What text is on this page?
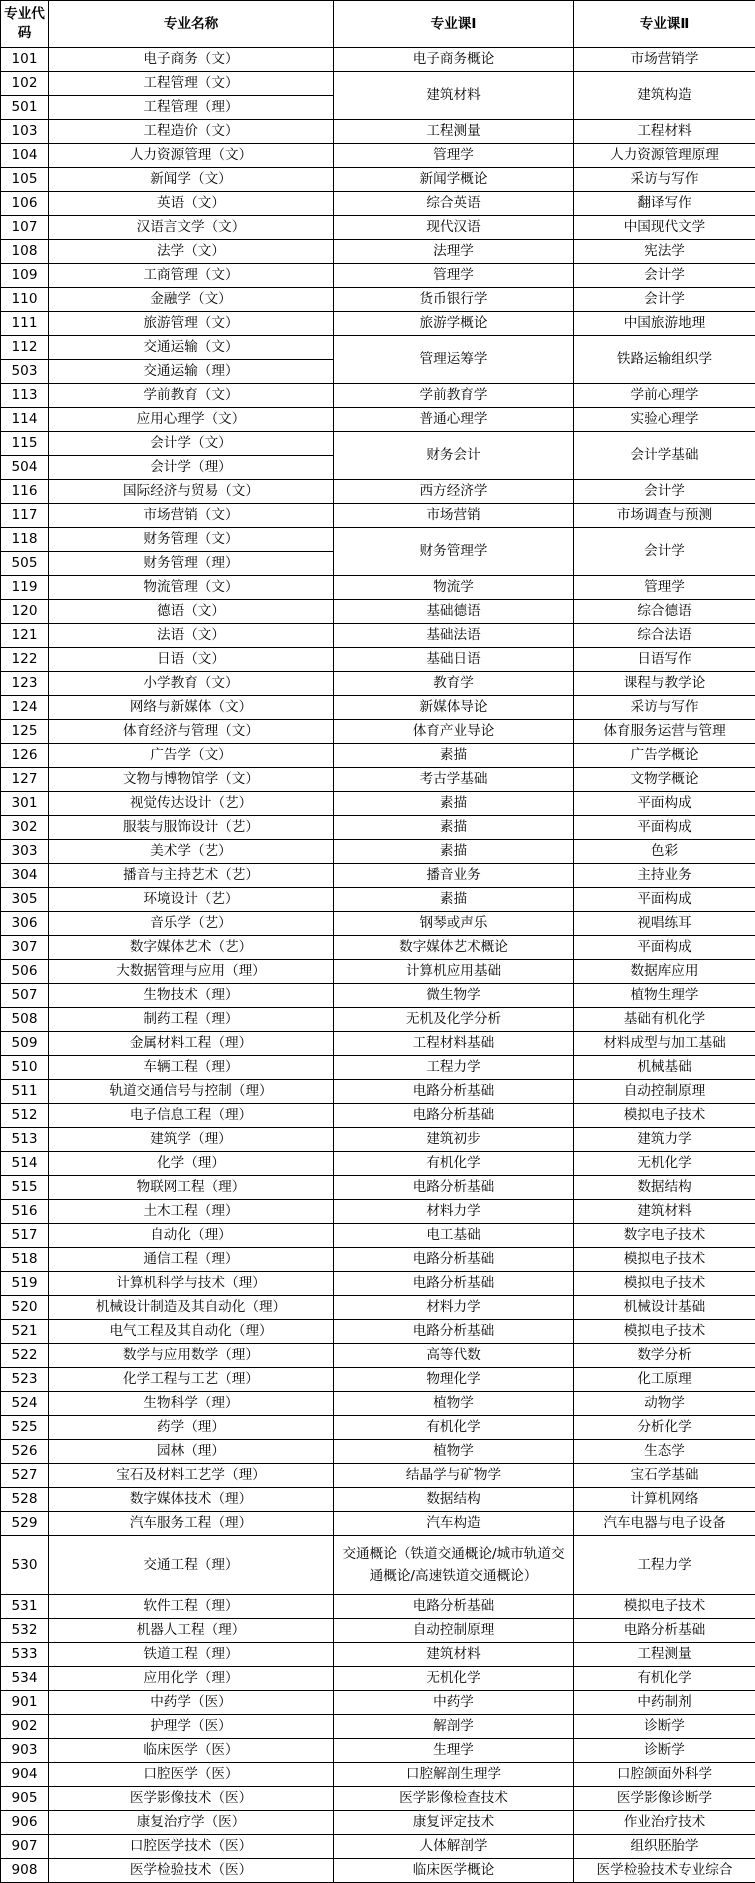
专业代码	专业名称	专业课Ⅰ	专业课Ⅱ
101	电子商务（文）	电子商务概论	市场营销学
102	工程管理（文）	建筑材料	建筑构造
501	工程管理（理）		
103	工程造价（文）	工程测量	工程材料
104	人力资源管理（文）	管理学	人力资源管理原理
105	新闻学（文）	新闻学概论	采访与写作
106	英语（文）	综合英语	翻译写作
107	汉语言文学（文）	现代汉语	中国现代文学
108	法学（文）	法理学	宪法学
109	工商管理（文）	管理学	会计学
110	金融学（文）	货币银行学	会计学
111	旅游管理（文）	旅游学概论	中国旅游地理
112	交通运输（文）	管理运筹学	铁路运输组织学
503	交通运输（理）		
113	学前教育（文）	学前教育学	学前心理学
114	应用心理学（文）	普通心理学	实验心理学
115	会计学（文）	财务会计	会计学基础
504	会计学（理）		
116	国际经济与贸易（文）	西方经济学	会计学
117	市场营销（文）	市场营销	市场调查与预测
118	财务管理（文）	财务管理学	会计学
505	财务管理（理）		
119	物流管理（文）	物流学	管理学
120	德语（文）	基础德语	综合德语
121	法语（文）	基础法语	综合法语
122	日语（文）	基础日语	日语写作
123	小学教育（文）	教育学	课程与教学论
124	网络与新媒体（文）	新媒体导论	采访与写作
125	体育经济与管理（文）	体育产业导论	体育服务运营与管理
126	广告学（文）	素描	广告学概论
127	文物与博物馆学（文）	考古学基础	文物学概论
301	视觉传达设计（艺）	素描	平面构成
302	服装与服饰设计（艺）	素描	平面构成
303	美术学（艺）	素描	色彩
304	播音与主持艺术（艺）	播音业务	主持业务
305	环境设计（艺）	素描	平面构成
306	音乐学（艺）	钢琴或声乐	视唱练耳
307	数字媒体艺术（艺）	数字媒体艺术概论	平面构成
506	大数据管理与应用（理）	计算机应用基础	数据库应用
507	生物技术（理）	微生物学	植物生理学
508	制药工程（理）	无机及化学分析	基础有机化学
509	金属材料工程（理）	工程材料基础	材料成型与加工基础
510	车辆工程（理）	工程力学	机械基础
511	轨道交通信号与控制（理）	电路分析基础	自动控制原理
512	电子信息工程（理）	电路分析基础	模拟电子技术
513	建筑学（理）	建筑初步	建筑力学
514	化学（理）	有机化学	无机化学
515	物联网工程（理）	电路分析基础	数据结构
516	土木工程（理）	材料力学	建筑材料
517	自动化（理）	电工基础	数字电子技术
518	通信工程（理）	电路分析基础	模拟电子技术
519	计算机科学与技术（理）	电路分析基础	模拟电子技术
520	机械设计制造及其自动化（理）	材料力学	机械设计基础
521	电气工程及其自动化（理）	电路分析基础	模拟电子技术
522	数学与应用数学（理）	高等代数	数学分析
523	化学工程与工艺（理）	物理化学	化工原理
524	生物科学（理）	植物学	动物学
525	药学（理）	有机化学	分析化学
526	园林（理）	植物学	生态学
527	宝石及材料工艺学（理）	结晶学与矿物学	宝石学基础
528	数字媒体技术（理）	数据结构	计算机网络
529	汽车服务工程（理）	汽车构造	汽车电器与电子设备
530	交通工程（理）	交通概论（铁道交通概论/城市轨道交通概论/高速铁道交通概论）	工程力学
531	软件工程（理）	电路分析基础	模拟电子技术
532	机器人工程（理）	自动控制原理	电路分析基础
533	铁道工程（理）	建筑材料	工程测量
534	应用化学（理）	无机化学	有机化学
901	中药学（医）	中药学	中药制剂
902	护理学（医）	解剖学	诊断学
903	临床医学（医）	生理学	诊断学
904	口腔医学（医）	口腔解剖生理学	口腔颌面外科学
905	医学影像技术（医）	医学影像检查技术	医学影像诊断学
906	康复治疗学（医）	康复评定技术	作业治疗技术
907	口腔医学技术（医）	人体解剖学	组织胚胎学
908	医学检验技术（医）	临床医学概论	医学检验技术专业综合
